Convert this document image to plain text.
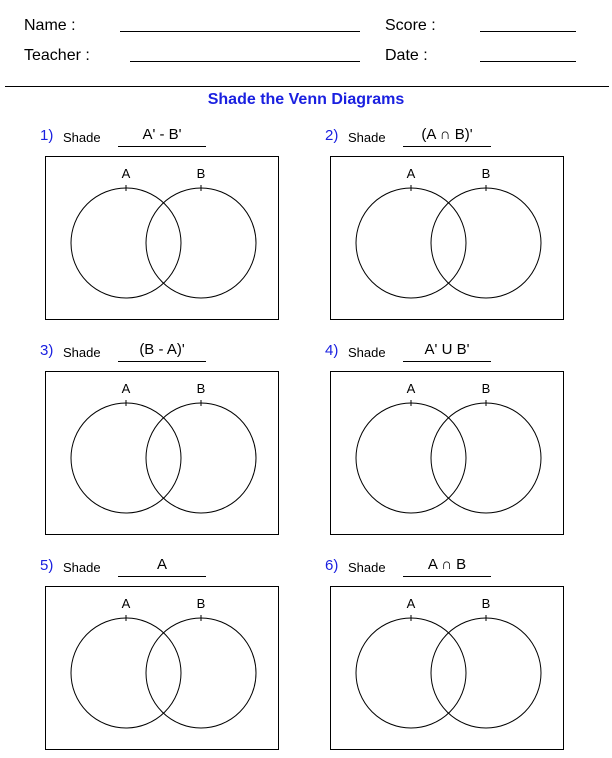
Name :
Teacher :
Score :
Date :
Shade the Venn Diagrams
1) Shade	A' - B'
A	B
2) Shade	(A ∩ B)'
A	B
3) Shade	(B - A)'
A	B
4) Shade	A' U B'
A	B
5) Shade	A
A	B
6) Shade	A ∩ B
A	B
